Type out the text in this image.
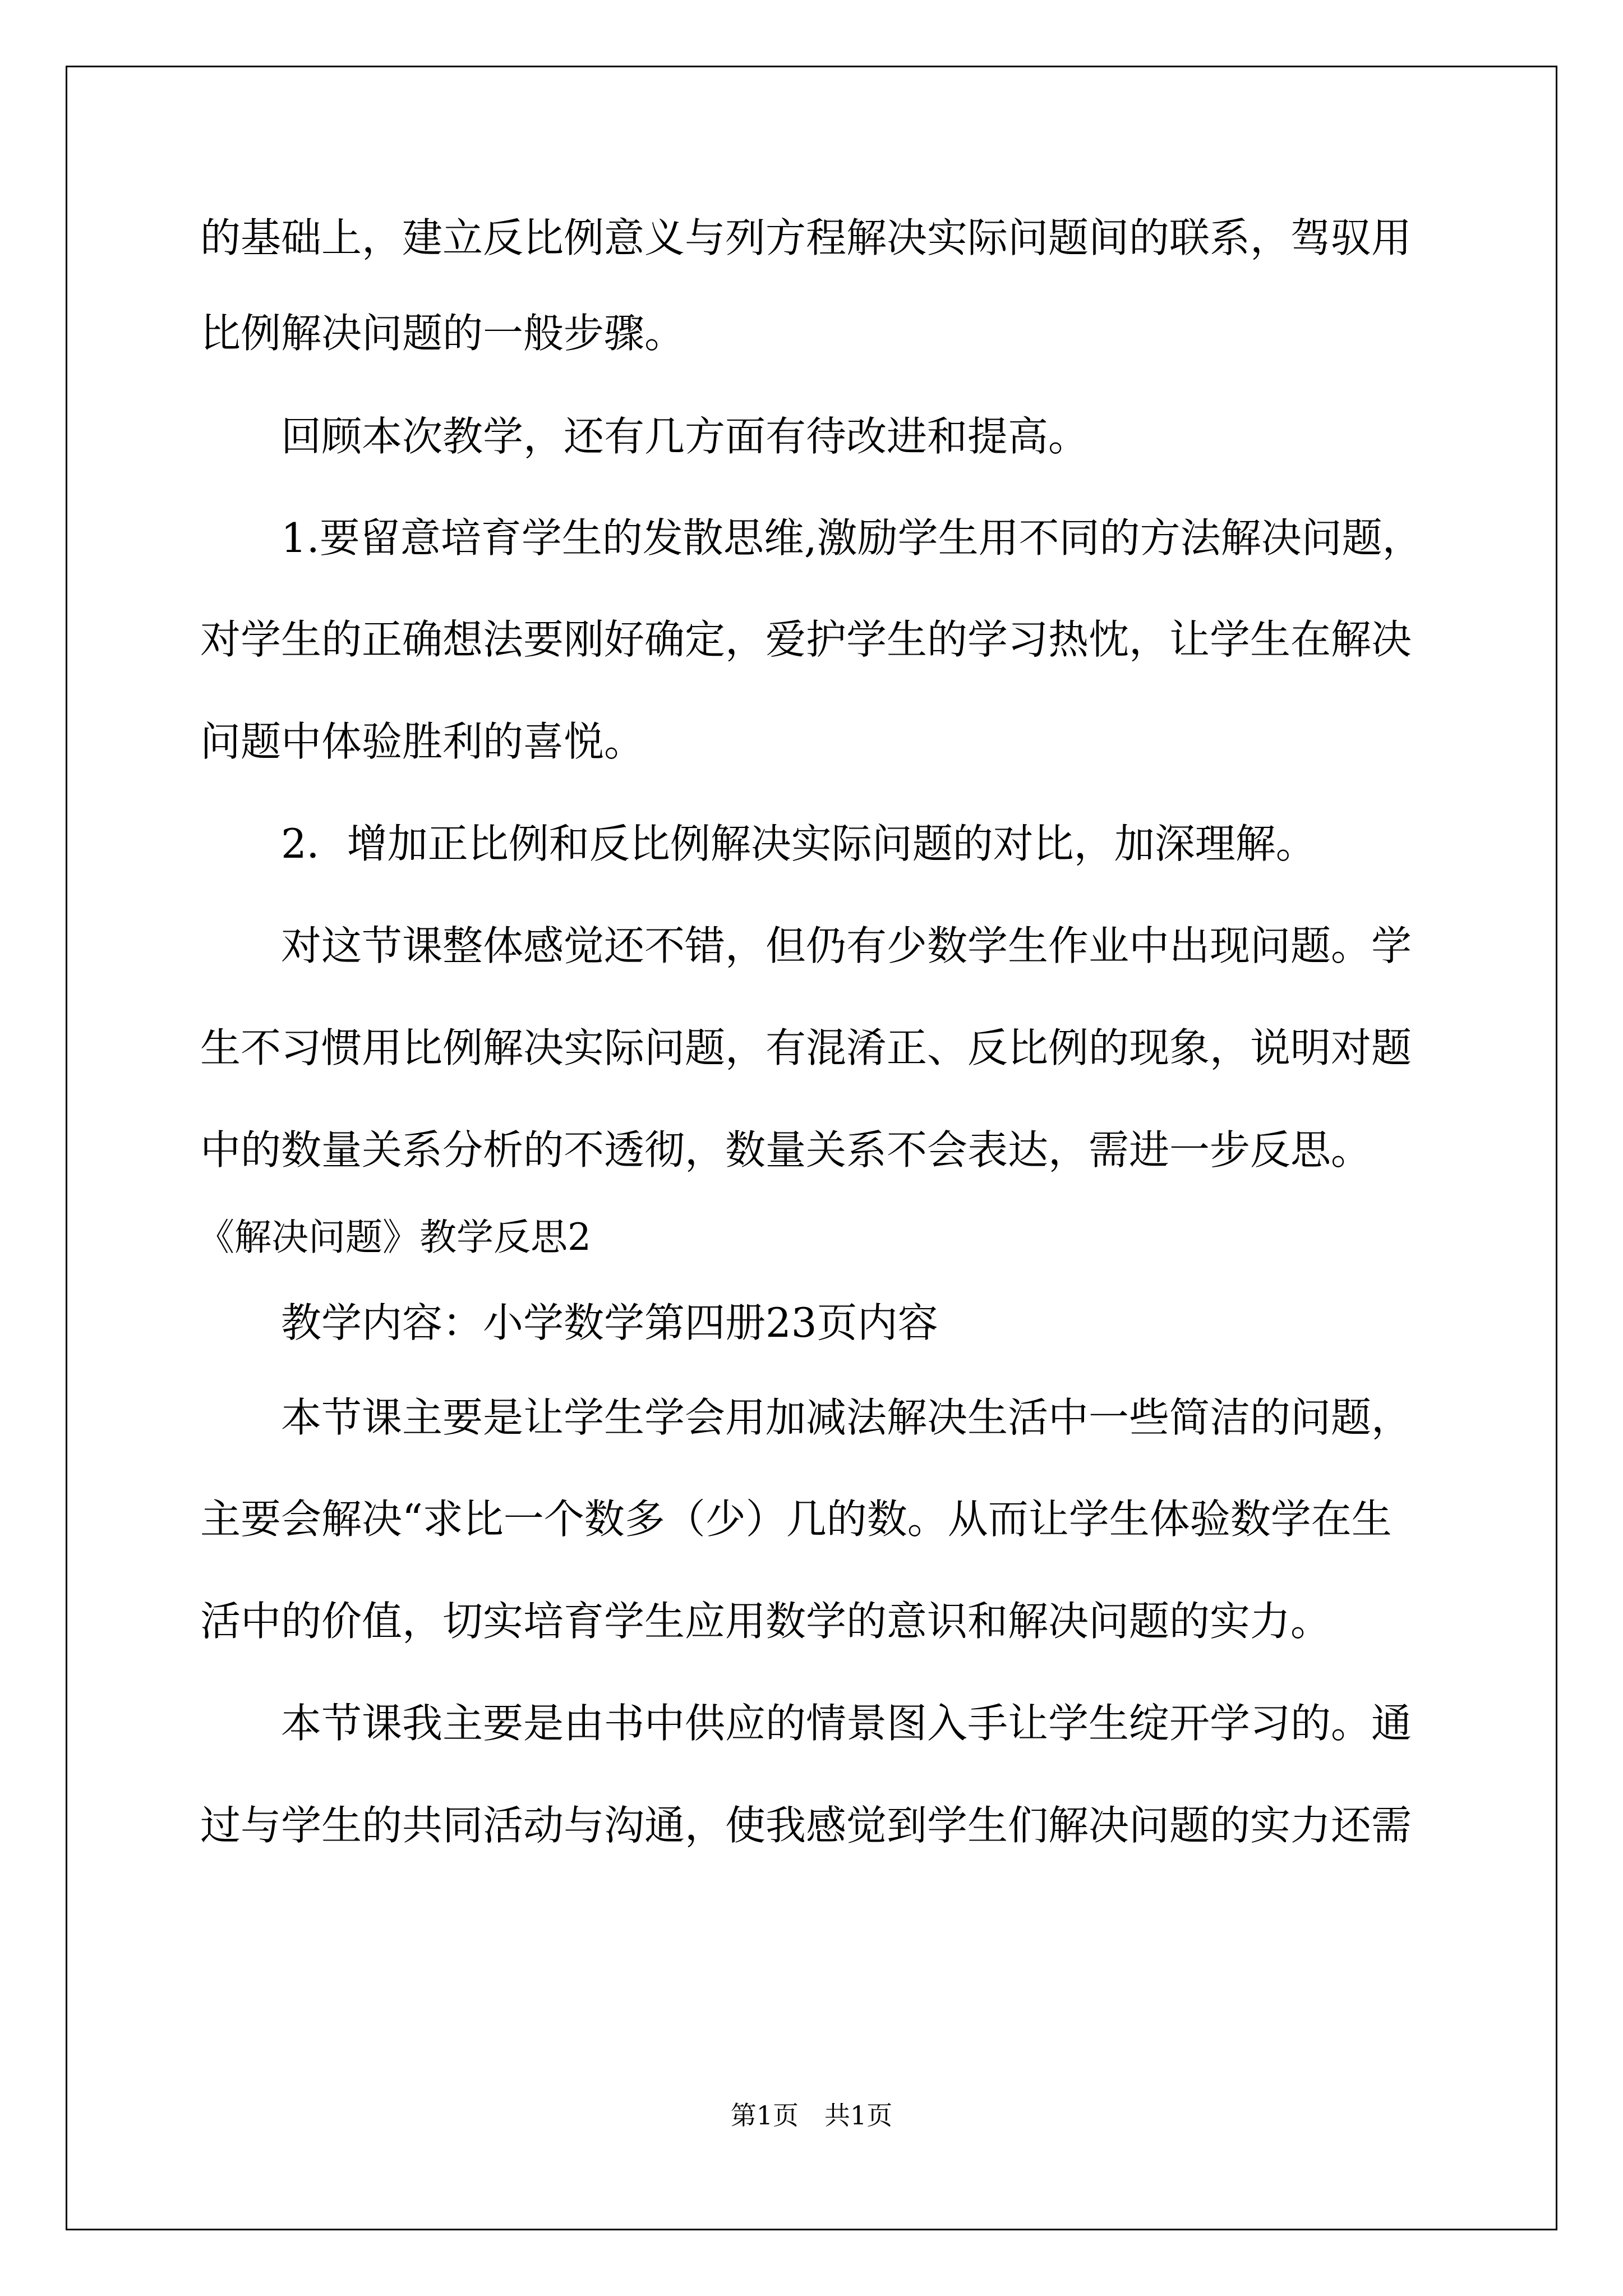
的基础上，建立反比例意义与列方程解决实际问题间的联系，驾驭用
比例解决问题的一般步骤。
回顾本次教学，还有几方面有待改进和提高。
1.要留意培育学生的发散思维,激励学生用不同的方法解决问题，
对学生的正确想法要刚好确定，爱护学生的学习热忱，让学生在解决
问题中体验胜利的喜悦。
2．增加正比例和反比例解决实际问题的对比，加深理解。
对这节课整体感觉还不错，但仍有少数学生作业中出现问题。学
生不习惯用比例解决实际问题，有混淆正、反比例的现象，说明对题
中的数量关系分析的不透彻，数量关系不会表达，需进一步反思。
《解决问题》教学反思2
教学内容：小学数学第四册23页内容
本节课主要是让学生学会用加减法解决生活中一些简洁的问题，
主要会解决“求比一个数多（少）几的数。从而让学生体验数学在生
活中的价值，切实培育学生应用数学的意识和解决问题的实力。
本节课我主要是由书中供应的情景图入手让学生绽开学习的。通
过与学生的共同活动与沟通，使我感觉到学生们解决问题的实力还需
第1页　共1页
